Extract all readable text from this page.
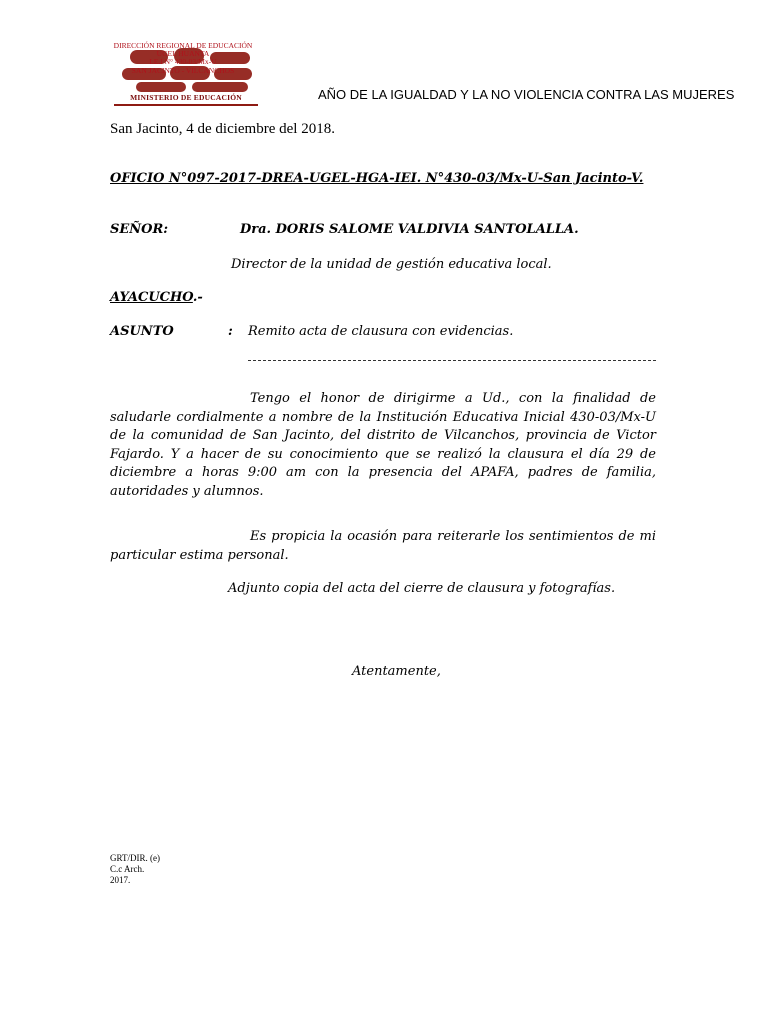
DIRECCIÓN REGIONAL DE EDUCACIÓN
UGEL HUANTA
I.E.I N° 430-03/Mx-U
SAN JACINTO - VILCANCHOS
MINISTERIO DE EDUCACIÓN	AÑO DE LA IGUALDAD Y LA NO VIOLENCIA CONTRA LAS MUJERES
San Jacinto, 4 de diciembre del 2018.
OFICIO N°097-2017-DREA-UGEL-HGA-IEI. N°430-03/Mx-U-San Jacinto-V.
SEÑOR:	Dra. DORIS SALOME VALDIVIA SANTOLALLA.
Director de la unidad de gestión educativa local.
AYACUCHO.-
ASUNTO	: Remito acta de clausura con evidencias.
Tengo el honor de dirigirme a Ud., con la finalidad de saludarle cordialmente a nombre de la Institución Educativa Inicial 430-03/Mx-U de la comunidad de San Jacinto, del distrito de Vilcanchos, provincia de Victor Fajardo. Y a hacer de su conocimiento que se realizó la clausura el día 29 de diciembre a horas 9:00 am con la presencia del APAFA, padres de familia, autoridades y alumnos.
Es propicia la ocasión para reiterarle los sentimientos de mi particular estima personal.
Adjunto copia del acta del cierre de clausura y fotografías.
Atentamente,
GRT/DIR. (e)
C.c Arch.
2017.
